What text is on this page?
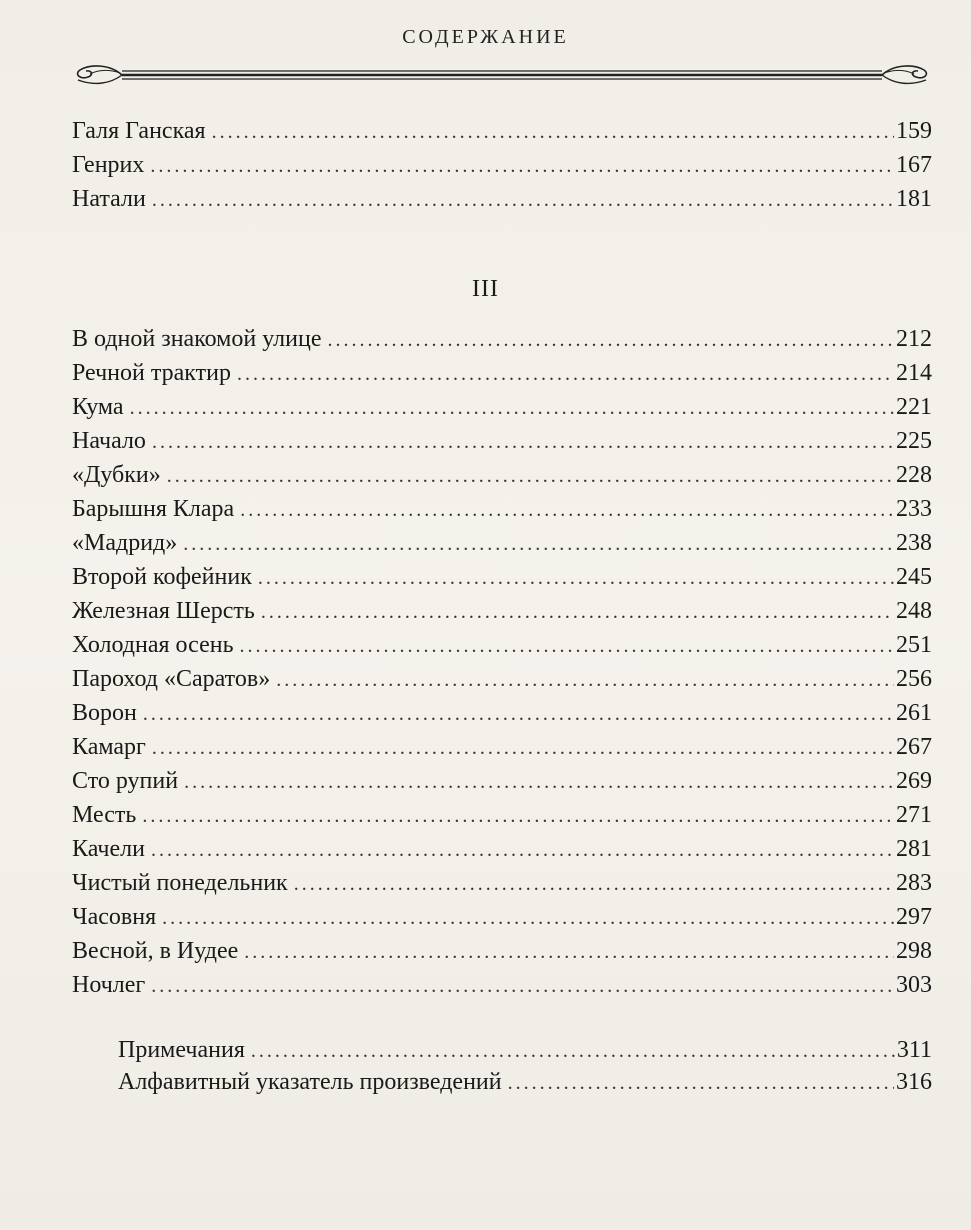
СОДЕРЖАНИЕ
Галя Ганская .....	159
Генрих .....	167
Натали .....	181
III
В одной знакомой улице .....	212
Речной трактир .....	214
Кума .....	221
Начало .....	225
«Дубки» .....	228
Барышня Клара .....	233
«Мадрид» .....	238
Второй кофейник .....	245
Железная Шерсть .....	248
Холодная осень .....	251
Пароход «Саратов» .....	256
Ворон .....	261
Камарг .....	267
Сто рупий .....	269
Месть .....	271
Качели .....	281
Чистый понедельник .....	283
Часовня .....	297
Весной, в Иудее .....	298
Ночлег .....	303
Примечания .....	311
Алфавитный указатель произведений .....	316
